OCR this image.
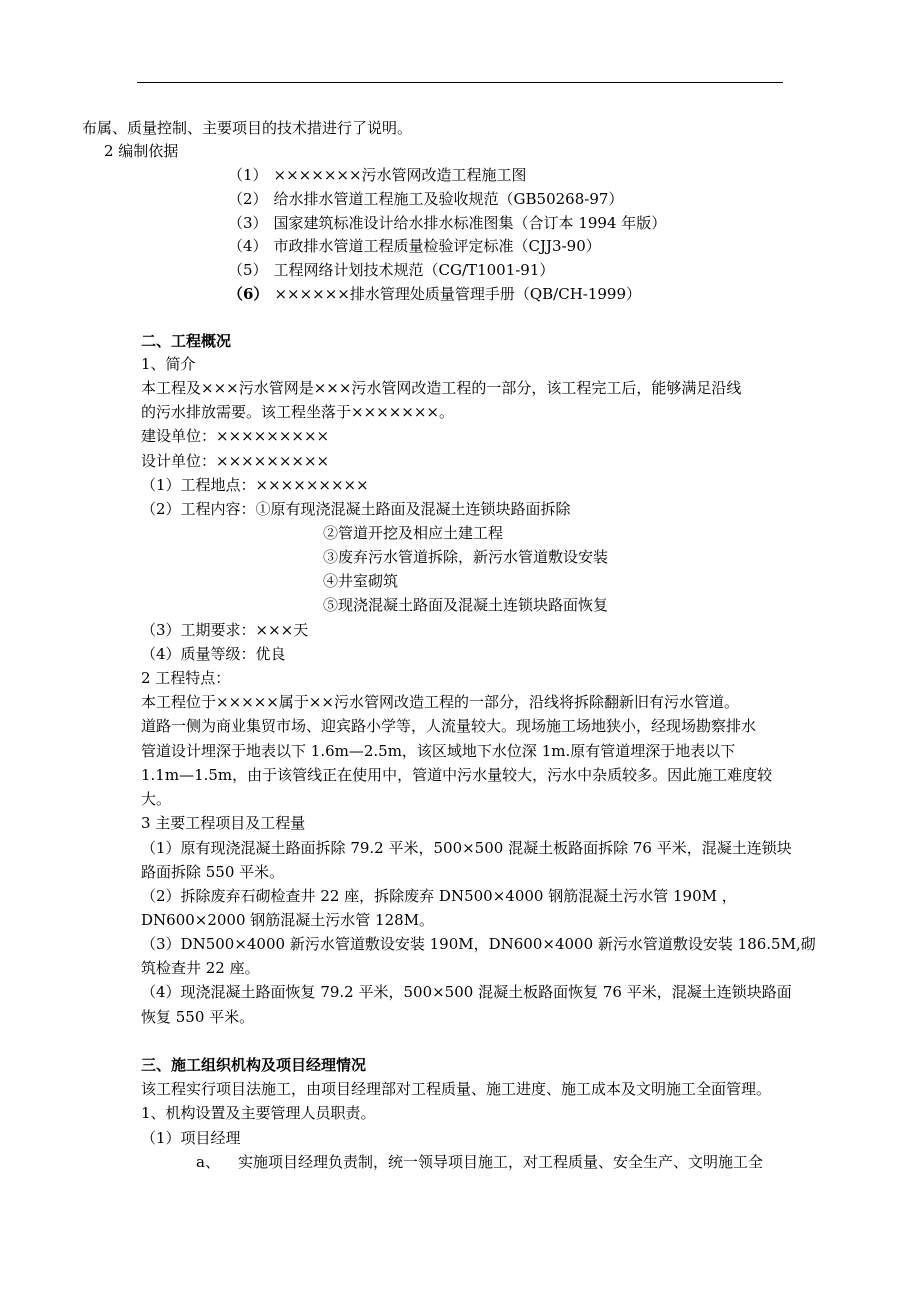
布属、质量控制、主要项目的技术措进行了说明。
2 编制依据
（1） ×××××××污水管网改造工程施工图
（2） 给水排水管道工程施工及验收规范（GB50268-97）
（3） 国家建筑标准设计给水排水标准图集（合订本 1994 年版）
（4） 市政排水管道工程质量检验评定标准（CJJ3-90）
（5） 工程网络计划技术规范（CG/T1001-91）
（6） ××××××排水管理处质量管理手册（QB/CH-1999）
二、工程概况
1、简介
本工程及×××污水管网是×××污水管网改造工程的一部分，该工程完工后，能够满足沿线
的污水排放需要。该工程坐落于×××××××。
建设单位：×××××××××
设计单位：×××××××××
（1）工程地点：×××××××××
（2）工程内容：①原有现浇混凝土路面及混凝土连锁块路面拆除
②管道开挖及相应土建工程
③废弃污水管道拆除，新污水管道敷设安装
④井室砌筑
⑤现浇混凝土路面及混凝土连锁块路面恢复
（3）工期要求：×××天
（4）质量等级：优良
2 工程特点：
本工程位于×××××属于××污水管网改造工程的一部分，沿线将拆除翻新旧有污水管道。
道路一侧为商业集贸市场、迎宾路小学等，人流量较大。现场施工场地狭小，经现场勘察排水
管道设计埋深于地表以下 1.6m—2.5m，该区域地下水位深 1m.原有管道埋深于地表以下
1.1m—1.5m，由于该管线正在使用中，管道中污水量较大，污水中杂质较多。因此施工难度较
大。
3 主要工程项目及工程量
（1）原有现浇混凝土路面拆除 79.2 平米，500×500 混凝土板路面拆除 76 平米，混凝土连锁块
路面拆除 550 平米。
（2）拆除废弃石砌检查井 22 座，拆除废弃 DN500×4000 钢筋混凝土污水管 190M ，
DN600×2000 钢筋混凝土污水管 128M。
（3）DN500×4000 新污水管道敷设安装 190M，DN600×4000 新污水管道敷设安装 186.5M,砌
筑检查井 22 座。
（4）现浇混凝土路面恢复 79.2 平米，500×500 混凝土板路面恢复 76 平米，混凝土连锁块路面
恢复 550 平米。
三、施工组织机构及项目经理情况
该工程实行项目法施工，由项目经理部对工程质量、施工进度、施工成本及文明施工全面管理。
1、机构设置及主要管理人员职责。
（1）项目经理
a、 实施项目经理负责制，统一领导项目施工，对工程质量、安全生产、文明施工全
